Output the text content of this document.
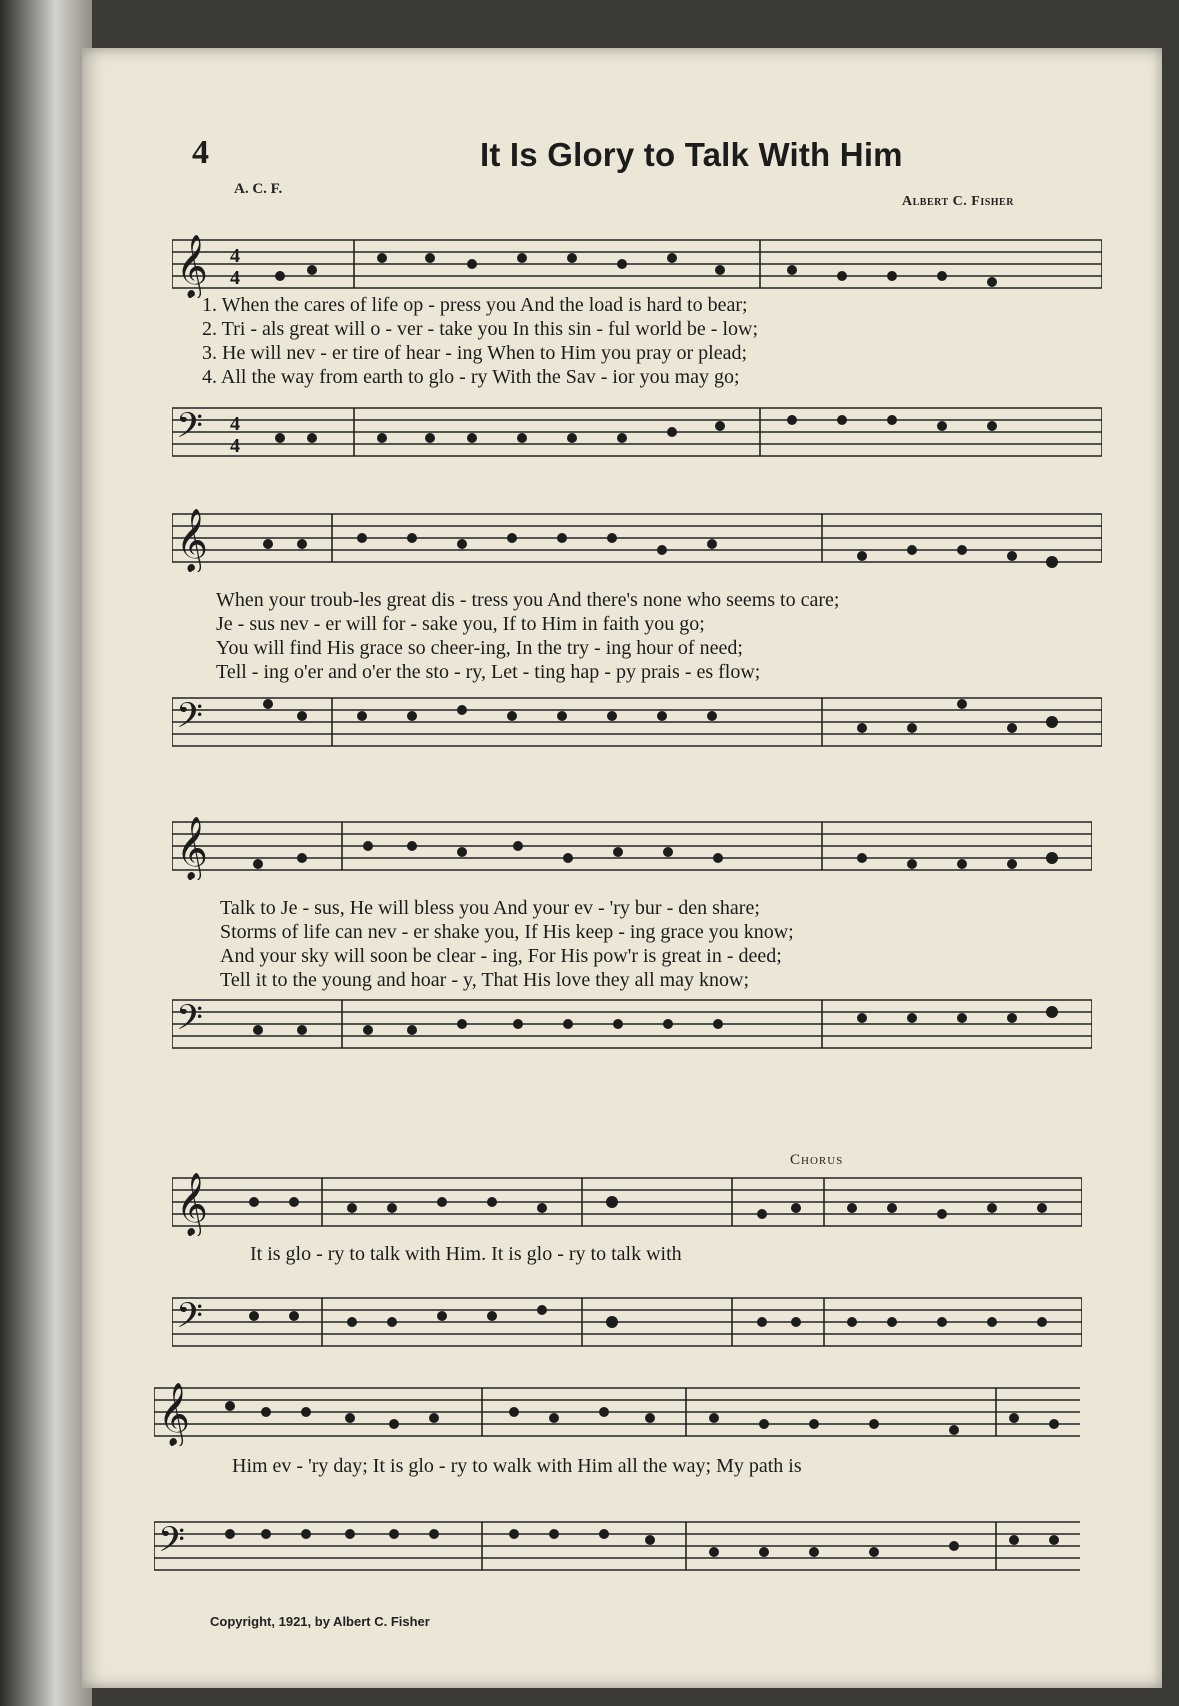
4	It Is Glory to Talk With Him
A. C. F.
Albert C. Fisher
𝄞 4
4
1. When the cares of life op - press you And the load is hard to bear;
2. Tri - als great will o - ver - take you In this sin - ful world be - low;
3. He will nev - er tire of hear - ing When to Him you pray or plead;
4. All the way from earth to glo - ry With the Sav - ior you may go;
𝄢 4
4
𝄞
When your troub-les great dis - tress you And there's none who seems to care;
Je - sus nev - er will for - sake you, If to Him in faith you go;
You will find His grace so cheer-ing, In the try - ing hour of need;
Tell - ing o'er and o'er the sto - ry, Let - ting hap - py prais - es flow;
𝄢
𝄞
Talk to Je - sus, He will bless you And your ev - 'ry bur - den share;
Storms of life can nev - er shake you, If His keep - ing grace you know;
And your sky will soon be clear - ing, For His pow'r is great in - deed;
Tell it to the young and hoar - y, That His love they all may know;
𝄢
Chorus
𝄞
It is glo - ry to talk with Him. It is glo - ry to talk with
𝄢
𝄞
Him ev - 'ry day; It is glo - ry to walk with Him all the way; My path is
𝄢
Copyright, 1921, by Albert C. Fisher
